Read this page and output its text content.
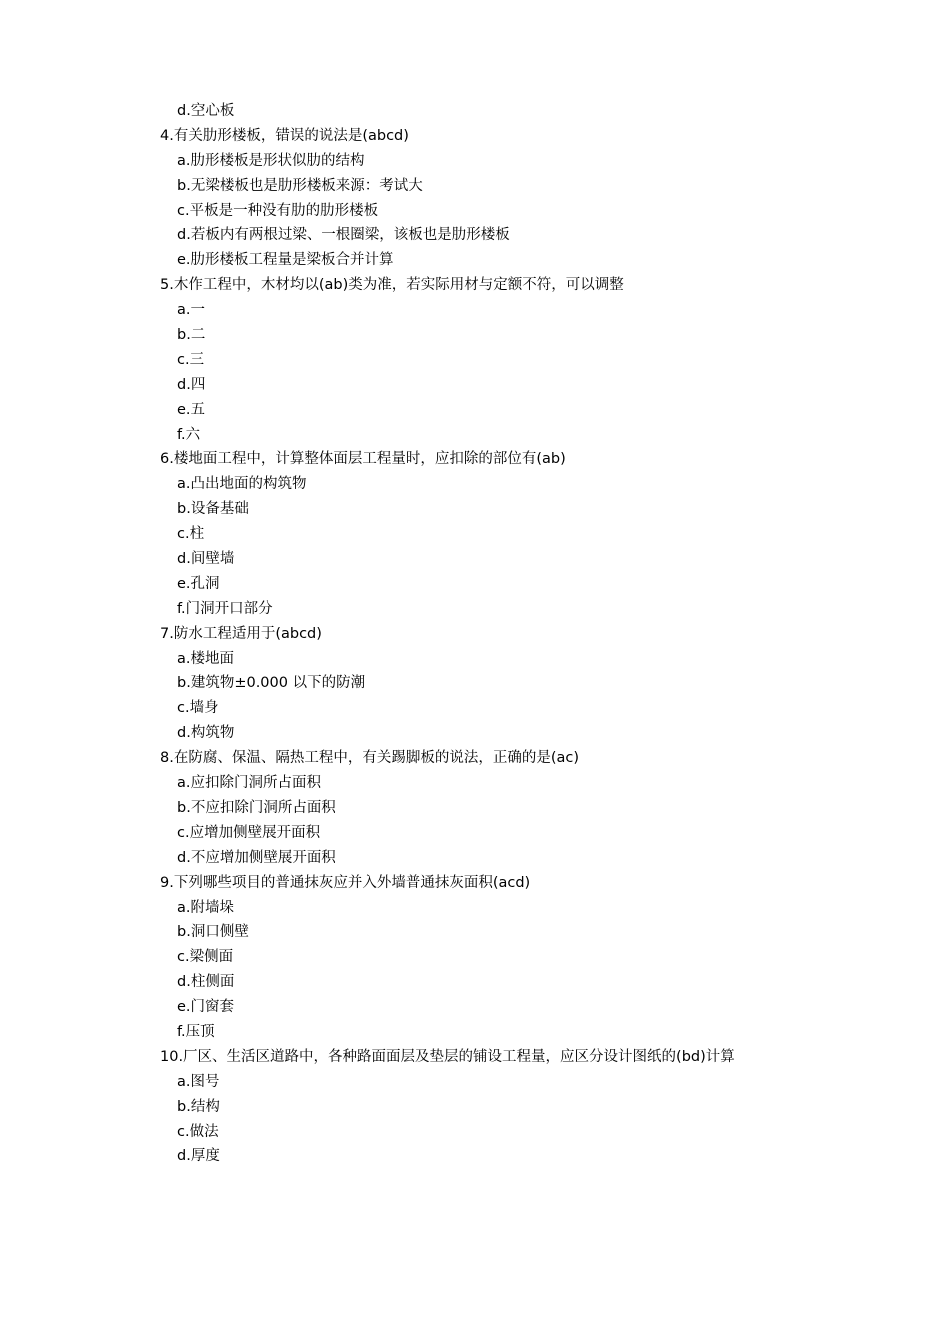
d.空心板
4.有关肋形楼板，错误的说法是(abcd)
a.肋形楼板是形状似肋的结构
b.无梁楼板也是肋形楼板来源：考试大
c.平板是一种没有肋的肋形楼板
d.若板内有两根过梁、一根圈梁，该板也是肋形楼板
e.肋形楼板工程量是梁板合并计算
5.木作工程中，木材均以(ab)类为准，若实际用材与定额不符，可以调整
a.一
b.二
c.三
d.四
e.五
f.六
6.楼地面工程中，计算整体面层工程量时，应扣除的部位有(ab)
a.凸出地面的构筑物
b.设备基础
c.柱
d.间壁墙
e.孔洞
f.门洞开口部分
7.防水工程适用于(abcd)
a.楼地面
b.建筑物±0.000 以下的防潮
c.墙身
d.构筑物
8.在防腐、保温、隔热工程中，有关踢脚板的说法，正确的是(ac)
a.应扣除门洞所占面积
b.不应扣除门洞所占面积
c.应增加侧壁展开面积
d.不应增加侧壁展开面积
9.下列哪些项目的普通抹灰应并入外墙普通抹灰面积(acd)
a.附墙垛
b.洞口侧壁
c.梁侧面
d.柱侧面
e.门窗套
f.压顶
10.厂区、生活区道路中，各种路面面层及垫层的铺设工程量，应区分设计图纸的(bd)计算
a.图号
b.结构
c.做法
d.厚度
